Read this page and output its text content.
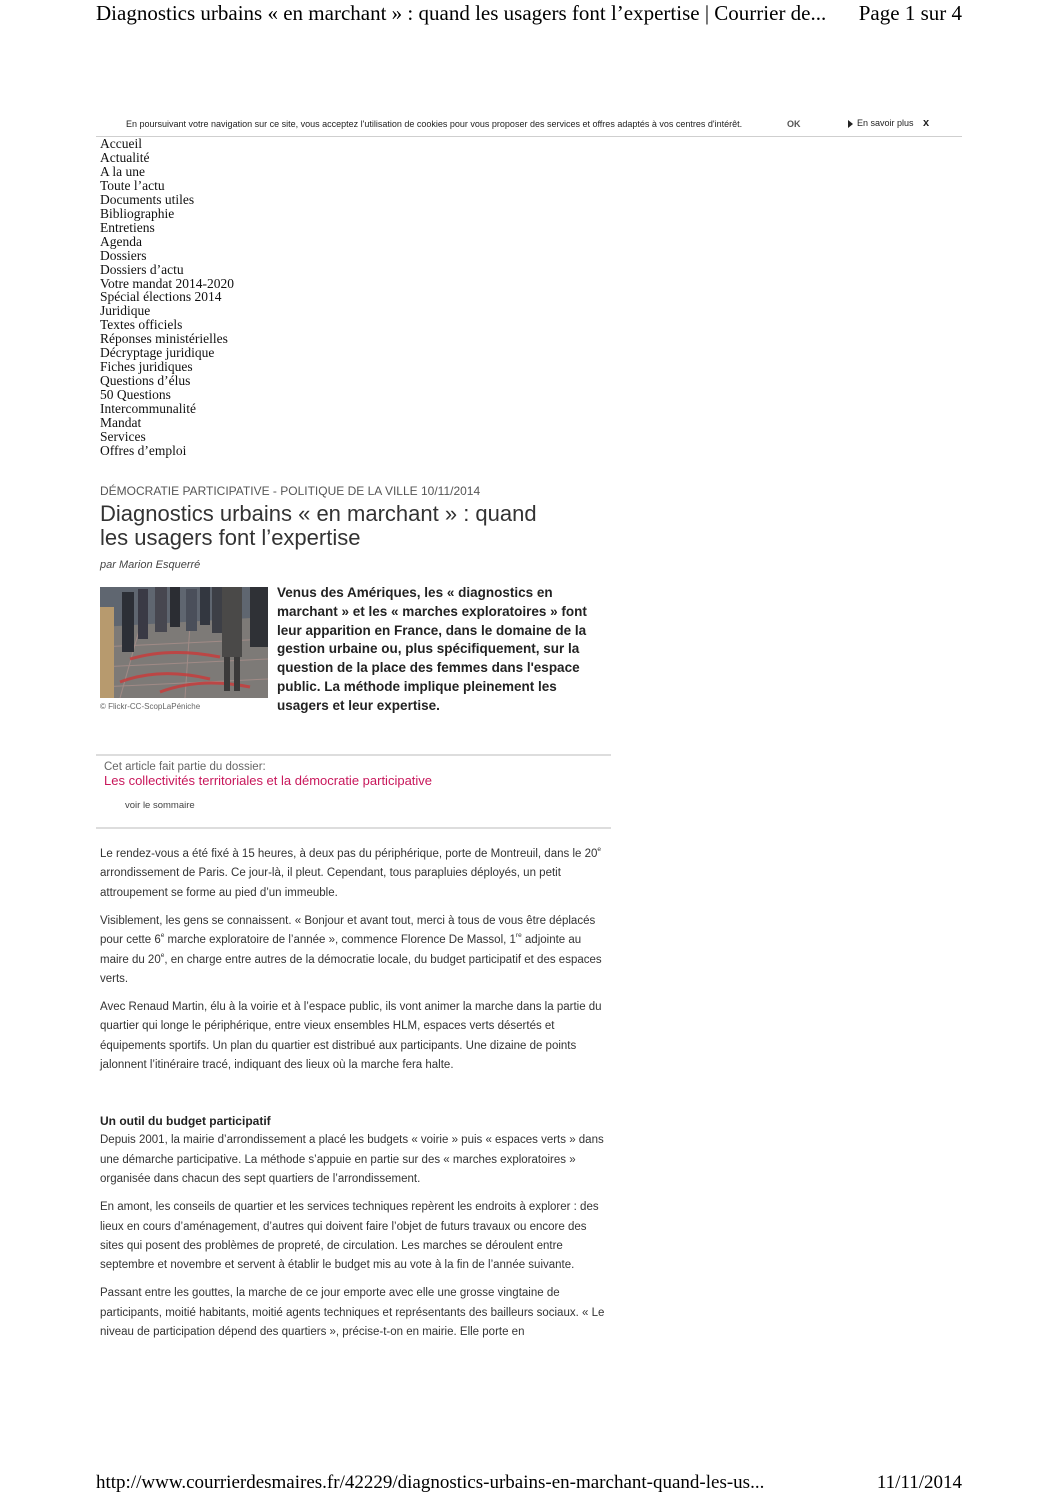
Diagnostics urbains « en marchant » : quand les usagers font l’expertise | Courrier de... Page 1 sur 4
En poursuivant votre navigation sur ce site, vous acceptez l'utilisation de cookies pour vous proposer des services et offres adaptés à vos centres d'intérêt.	OK	En savoir plus x
Accueil
Actualité
A la une
Toute l’actu
Documents utiles
Bibliographie
Entretiens
Agenda
Dossiers
Dossiers d’actu
Votre mandat 2014-2020
Spécial élections 2014
Juridique
Textes officiels
Réponses ministérielles
Décryptage juridique
Fiches juridiques
Questions d’élus
50 Questions
Intercommunalité
Mandat
Services
Offres d’emploi
DÉMOCRATIE PARTICIPATIVE - POLITIQUE DE LA VILLE 10/11/2014
Diagnostics urbains « en marchant » : quand les usagers font l’expertise
par Marion Esquerré
© Flickr-CC-ScopLaPéniche

Venus des Amériques, les « diagnostics en marchant » et les « marches exploratoires » font leur apparition en France, dans le domaine de la gestion urbaine ou, plus spécifiquement, sur la question de la place des femmes dans l'espace public. La méthode implique pleinement les usagers et leur expertise.

Cet article fait partie du dossier:
Les collectivités territoriales et la démocratie participative
voir le sommaire

Le rendez-vous a été fixé à 15 heures, à deux pas du périphérique, porte de Montreuil, dans le 20e arrondissement de Paris. Ce jour-là, il pleut. Cependant, tous parapluies déployés, un petit attroupement se forme au pied d’un immeuble.

Visiblement, les gens se connaissent. « Bonjour et avant tout, merci à tous de vous être déplacés pour cette 6e marche exploratoire de l’année », commence Florence De Massol, 1re adjointe au maire du 20e, en charge entre autres de la démocratie locale, du budget participatif et des espaces verts.

Avec Renaud Martin, élu à la voirie et à l’espace public, ils vont animer la marche dans la partie du quartier qui longe le périphérique, entre vieux ensembles HLM, espaces verts désertés et équipements sportifs. Un plan du quartier est distribué aux participants. Une dizaine de points jalonnent l’itinéraire tracé, indiquant des lieux où la marche fera halte.

Un outil du budget participatif

Depuis 2001, la mairie d’arrondissement a placé les budgets « voirie » puis « espaces verts » dans une démarche participative. La méthode s’appuie en partie sur des « marches exploratoires » organisée dans chacun des sept quartiers de l’arrondissement.

En amont, les conseils de quartier et les services techniques repèrent les endroits à explorer : des lieux en cours d’aménagement, d’autres qui doivent faire l’objet de futurs travaux ou encore des sites qui posent des problèmes de propreté, de circulation. Les marches se déroulent entre septembre et novembre et servent à établir le budget mis au vote à la fin de l’année suivante.

Passant entre les gouttes, la marche de ce jour emporte avec elle une grosse vingtaine de participants, moitié habitants, moitié agents techniques et représentants des bailleurs sociaux. « Le niveau de participation dépend des quartiers », précise-t-on en mairie. Elle porte en

http://www.courrierdesmaires.fr/42229/diagnostics-urbains-en-marchant-quand-les-us...	11/11/2014
